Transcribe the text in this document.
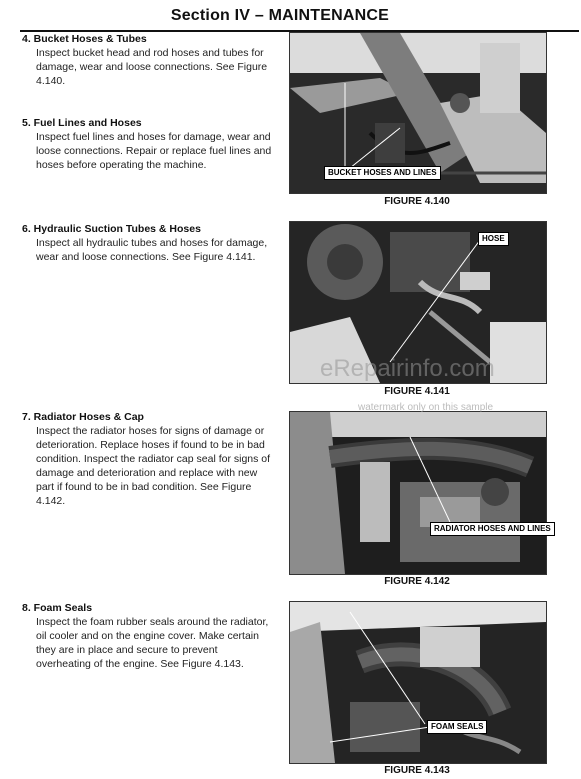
Section IV – MAINTENANCE
4. Bucket Hoses & Tubes
Inspect bucket head and rod hoses and tubes for damage, wear and loose connections. See Figure 4.140.
5. Fuel Lines and Hoses
Inspect fuel lines and hoses for damage, wear and loose connections. Repair or replace fuel lines and hoses before operating the machine.
6. Hydraulic Suction Tubes & Hoses
Inspect all hydraulic tubes and hoses for damage, wear and loose connections. See Figure 4.141.
7. Radiator Hoses & Cap
Inspect the radiator hoses for signs of damage or deterioration. Replace hoses if found to be in bad condition. Inspect the radiator cap seal for signs of damage and deterioration and replace with new part if found to be in bad condition. See Figure 4.142.
8. Foam Seals
Inspect the foam rubber seals around the radiator, oil cooler and on the engine cover. Make certain they are in place and secure to prevent overheating of the engine. See Figure 4.143.
BUCKET HOSES AND LINES
FIGURE 4.140
HOSE
FIGURE 4.141
RADIATOR HOSES AND LINES
FIGURE 4.142
FOAM SEALS
FIGURE 4.143
eRepairinfo.com
watermark only on this sample
